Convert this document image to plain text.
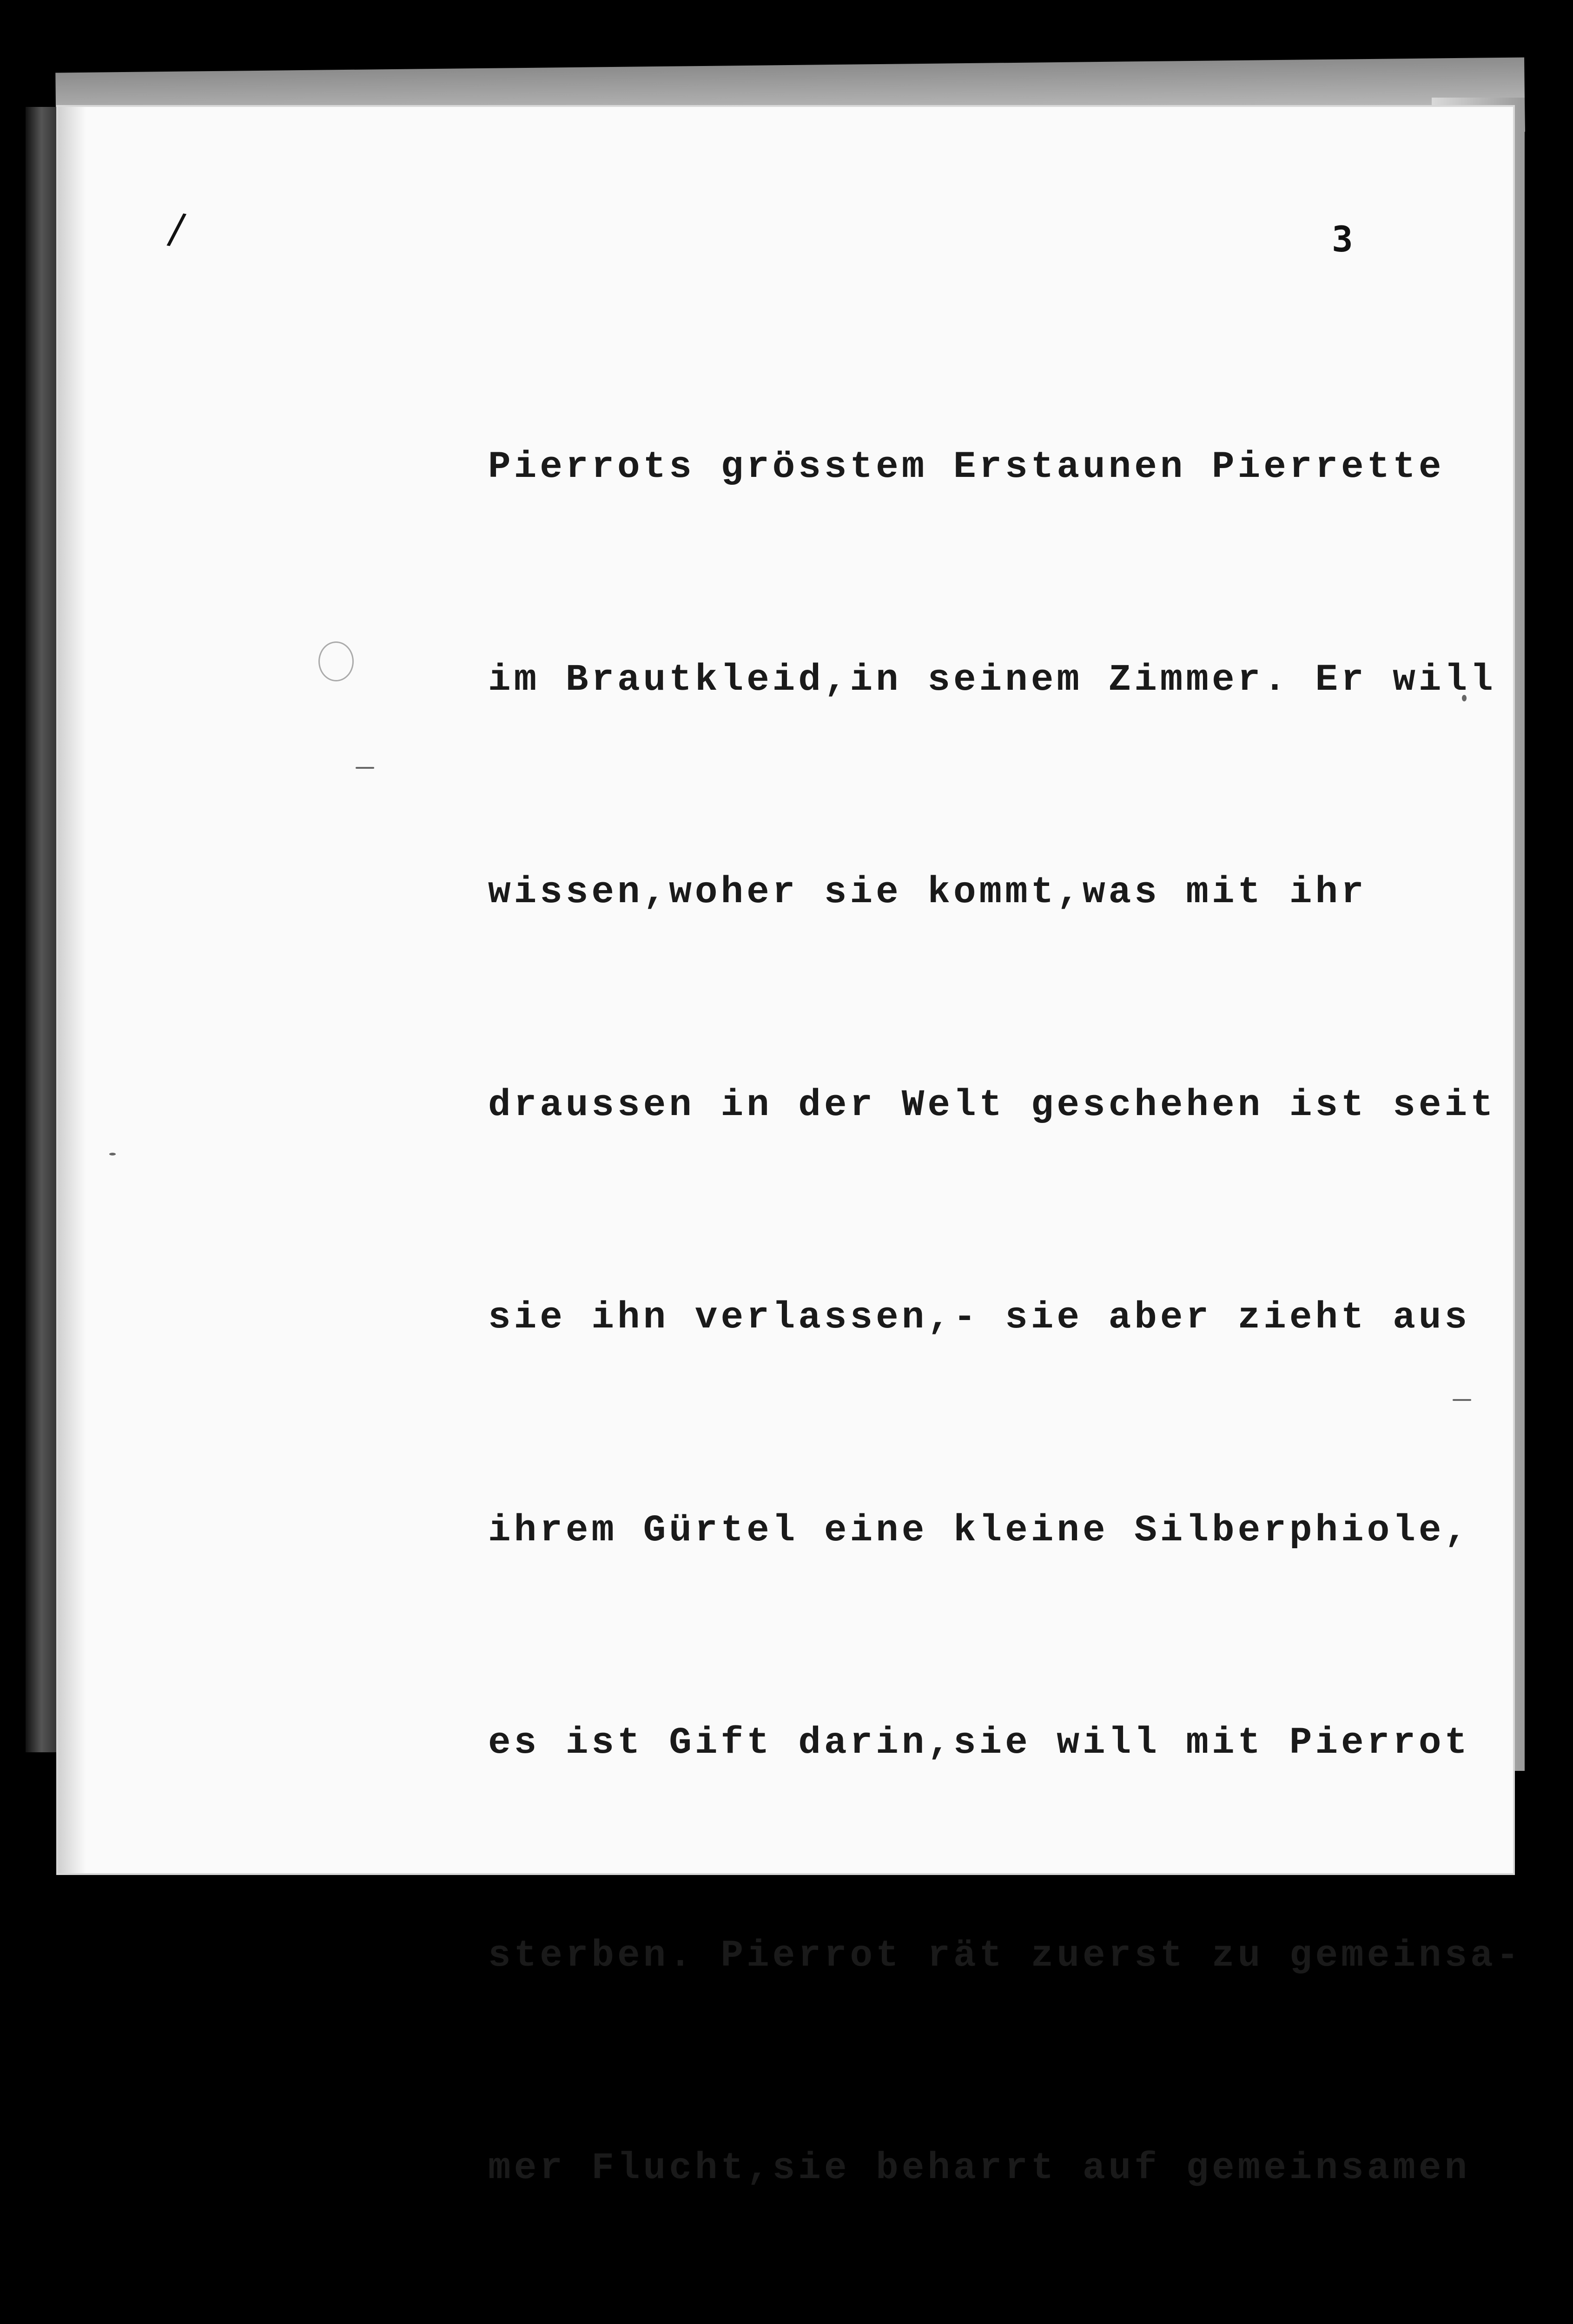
/	3

Pierrots grösstem Erstaunen Pierrette

im Brautkleid,in seinem Zimmer. Er will

wissen,woher sie kommt,was mit ihr

draussen in der Welt geschehen ist seit

sie ihn verlassen,- sie aber zieht aus

ihrem Gürtel eine kleine Silberphiole,

es ist Gift darin,sie will mit Pierrot

sterben. Pierrot rät zuerst zu gemeinsa-

mer Flucht,sie beharrt auf gemeinsamen
